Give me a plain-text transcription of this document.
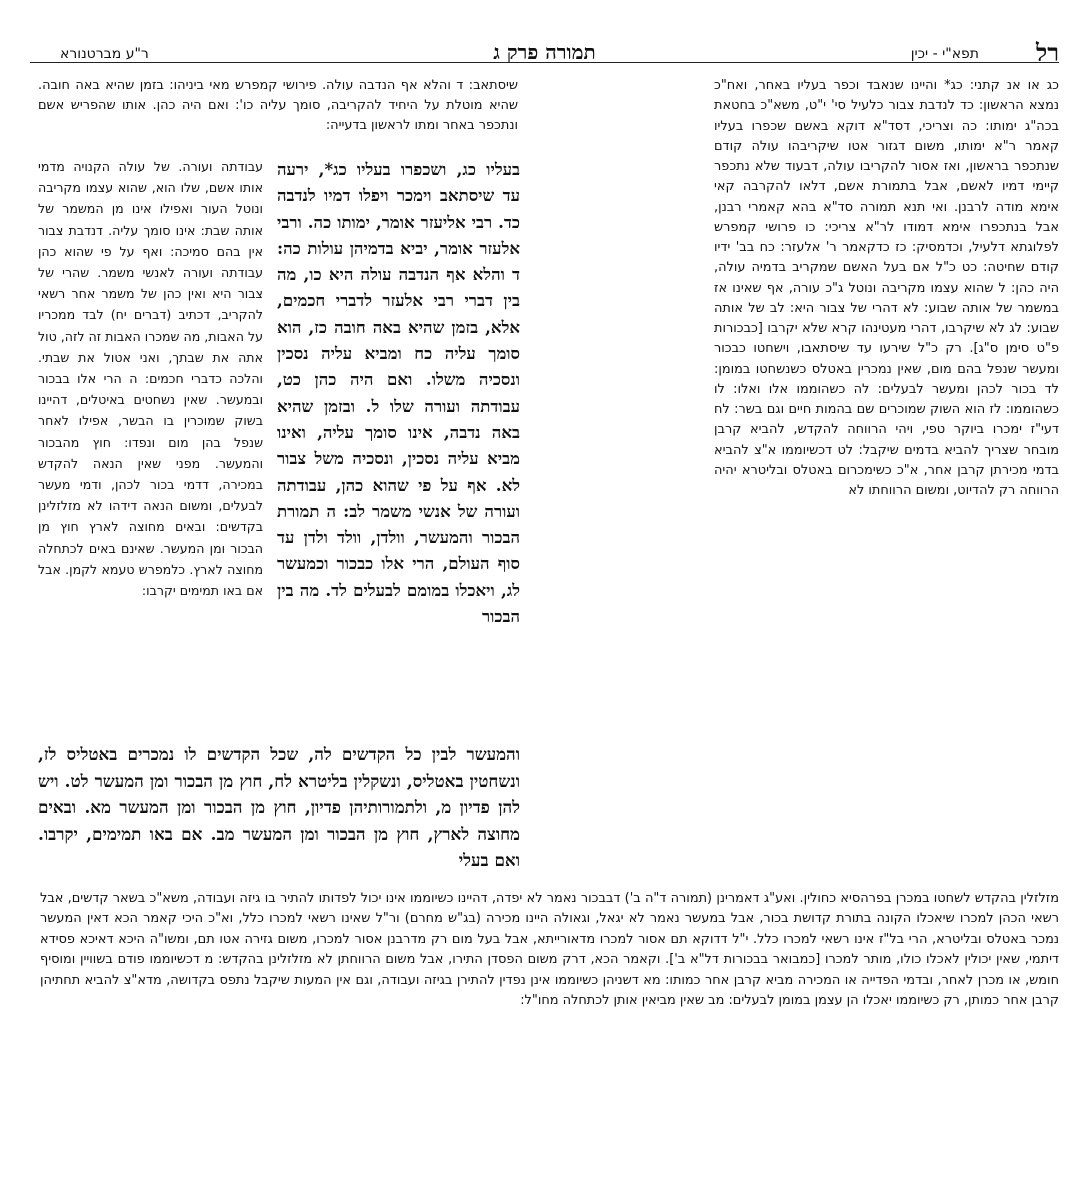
רל
תפא"י - יכין
תמורה פרק ג
ר"ע מברטנורא

כג או אנ קתני: כג* והיינו שנאבד וכפר בעליו באחר, ואח"כ נמצא הראשון: כד לנדבת צבור כלעיל סי' י"ט, משא"כ בחטאת בכה"ג ימותו: כה וצריכי, דסד"א דוקא באשם שכפרו בעליו קאמר ר"א ימותו, משום דגזור אטו שיקריבהו עולה קודם שנתכפר בראשון, ואז אסור להקריבו עולה, דבעוד שלא נתכפר קיימי דמיו לאשם, אבל בתמורת אשם, דלאו להקרבה קאי אימא מודה לרבנן. ואי תנא תמורה סד"א בהא קאמרי רבנן, אבל בנתכפרו אימא דמודו לר"א צריכי: כו פרושי קמפרש לפלוגתא דלעיל, וכדמסיק: כז כדקאמר ר' אלעזר: כח בב' ידיו קודם שחיטה: כט כ"ל אם בעל האשם שמקריב בדמיה עולה, היה כהן: ל שהוא עצמו מקריבה ונוטל ג"כ עורה, אף שאינו אז במשמר של אותה שבוע: לא דהרי של צבור היא: לב של אותה שבוע: לג לא שיקרבו, דהרי מעטינהו קרא שלא יקרבו [כבכורות פ"ט סימן ס"ג]. רק כ"ל שירעו עד שיסתאבו, וישחטו כבכור ומעשר שנפל בהם מום, שאין נמכרין באטלס כשנשחטו במומן: לד בכור לכהן ומעשר לבעלים: לה כשהוממו אלו ואלו: לו כשהוממו: לז הוא השוק שמוכרים שם בהמות חיים וגם בשר: לח דעי"ז ימכרו ביוקר טפי, ויהי הרווחה להקדש, להביא קרבן מובחר שצריך להביא בדמים שיקבל: לט דכשיוממו א"צ להביא בדמי מכירתן קרבן אחר, א"כ כשימכרום באטלס ובליטרא יהיה הרווחה רק להדיוט, ומשום הרווחתו לא

שיסתאב: ד והלא אף הנדבה עולה. פירושי קמפרש מאי ביניהו: בזמן שהיא באה חובה. שהיא מוטלת על היחיד להקריבה, סומך עליה כו': ואם היה כהן. אותו שהפריש אשם ונתכפר באחר ומתו לראשון בדעייה:

עבודתה ועורה. של עולה הקנויה מדמי אותו אשם, שלו הוא, שהוא עצמו מקריבה ונוטל העור ואפילו אינו מן המשמר של אותה שבת: אינו סומך עליה. דנדבת צבור אין בהם סמיכה: ואף על פי שהוא כהן עבודתה ועורה לאנשי משמר. שהרי של צבור היא ואין כהן של משמר אחר רשאי להקריב, דכתיב (דברים יח) לבד ממכריו על האבות, מה שמכרו האבות זה לזה, טול אתה את שבתך, ואני אטול את שבתי. והלכה כדברי חכמים: ה הרי אלו בבכור ובמעשר. שאין נשחטים באיטלים, דהיינו בשוק שמוכרין בו הבשר, אפילו לאחר שנפל בהן מום ונפדו: חוץ מהבכור והמעשר. מפני שאין הנאה להקדש במכירה, דדמי בכור לכהן, ודמי מעשר לבעלים, ומשום הנאה דידהו לא מזלזלינן בקדשים: ובאים מחוצה לארץ חוץ מן הבכור ומן המעשר. שאינם באים לכתחלה מחוצה לארץ. כלמפרש טעמא לקמן. אבל אם באו תמימים יקרבו:

בעליו כג, ושכפרו בעליו כג*, ירעה עד שיסתאב וימכר ויפלו דמיו לנדבה כד. רבי אליעזר אומר, ימותו כה. ורבי אלעזר אומר, יביא בדמיהן עולות כה: ד והלא אף הנדבה עולה היא כו, מה בין דברי רבי אלעזר לדברי חכמים, אלא, בזמן שהיא באה חובה כז, הוא סומך עליה כח ומביא עליה נסכין ונסכיה משלו. ואם היה כהן כט, עבודתה ועורה שלו ל. ובזמן שהיא באה נדבה, אינו סומך עליה, ואינו מביא עליה נסכין, ונסכיה משל צבור לא. אף על פי שהוא כהן, עבודתה ועורה של אנשי משמר לב: ה תמורת הבכור והמעשר, וולדן, וולד ולדן עד סוף העולם, הרי אלו כבכור וכמעשר לג, ויאכלו במומם לבעלים לד. מה בין הבכור

והמעשר לבין כל הקדשים לה, שכל הקדשים לו נמכרים באטליס לז, ונשחטין באטליס, ונשקלין בליטרא לח, חוץ מן הבכור ומן המעשר לט. ויש להן פדיון מ, ולתמורותיהן פדיון, חוץ מן הבכור ומן המעשר מא. ובאים מחוצה לארץ, חוץ מן הבכור ומן המעשר מב. אם באו תמימים, יקרבו. ואם בעלי

מזלזלין בהקדש לשחטו במכרן בפרהסיא כחולין. ואע"ג דאמרינן (תמורה ד"ה ב') דבבכור נאמר לא יפדה, דהיינו כשיוממו אינו יכול לפדותו להתיר בו גיזה ועבודה, משא"כ בשאר קדשים, אבל רשאי הכהן למכרו שיאכלו הקונה בתורת קדושת בכור, אבל במעשר נאמר לא יגאל, וגאולה היינו מכירה (בג"ש מחרם) ור"ל שאינו רשאי למכרו כלל, וא"כ היכי קאמר הכא דאין המעשר נמכר באטלס ובליטרא, הרי בל"ז אינו רשאי למכרו כלל. י"ל דדוקא תם אסור למכרו מדאורייתא, אבל בעל מום רק מדרבנן אסור למכרו, משום גזירה אטו תם, ומשו"ה היכא דאיכא פסידא דיתמי, שאין יכולין לאכלו כולו, מותר למכרו [כמבואר בבכורות דל"א ב']. וקאמר הכא, דרק משום הפסדן התירו, אבל משום הרווחתן לא מזלזלינן בהקדש: מ דכשיוממו פודם בשוויין ומוסיף חומש, או מכרן לאחר, ובדמי הפדייה או המכירה מביא קרבן אחר כמותו: מא דשניהן כשיוממו אינן נפדין להתירן בגיזה ועבודה, וגם אין המעות שיקבל נתפס בקדושה, מדא"צ להביא תחתיהן קרבן אחר כמותן, רק כשיוממו יאכלו הן עצמן במומן לבעלים: מב שאין מביאין אותן לכתחלה מחו"ל:
